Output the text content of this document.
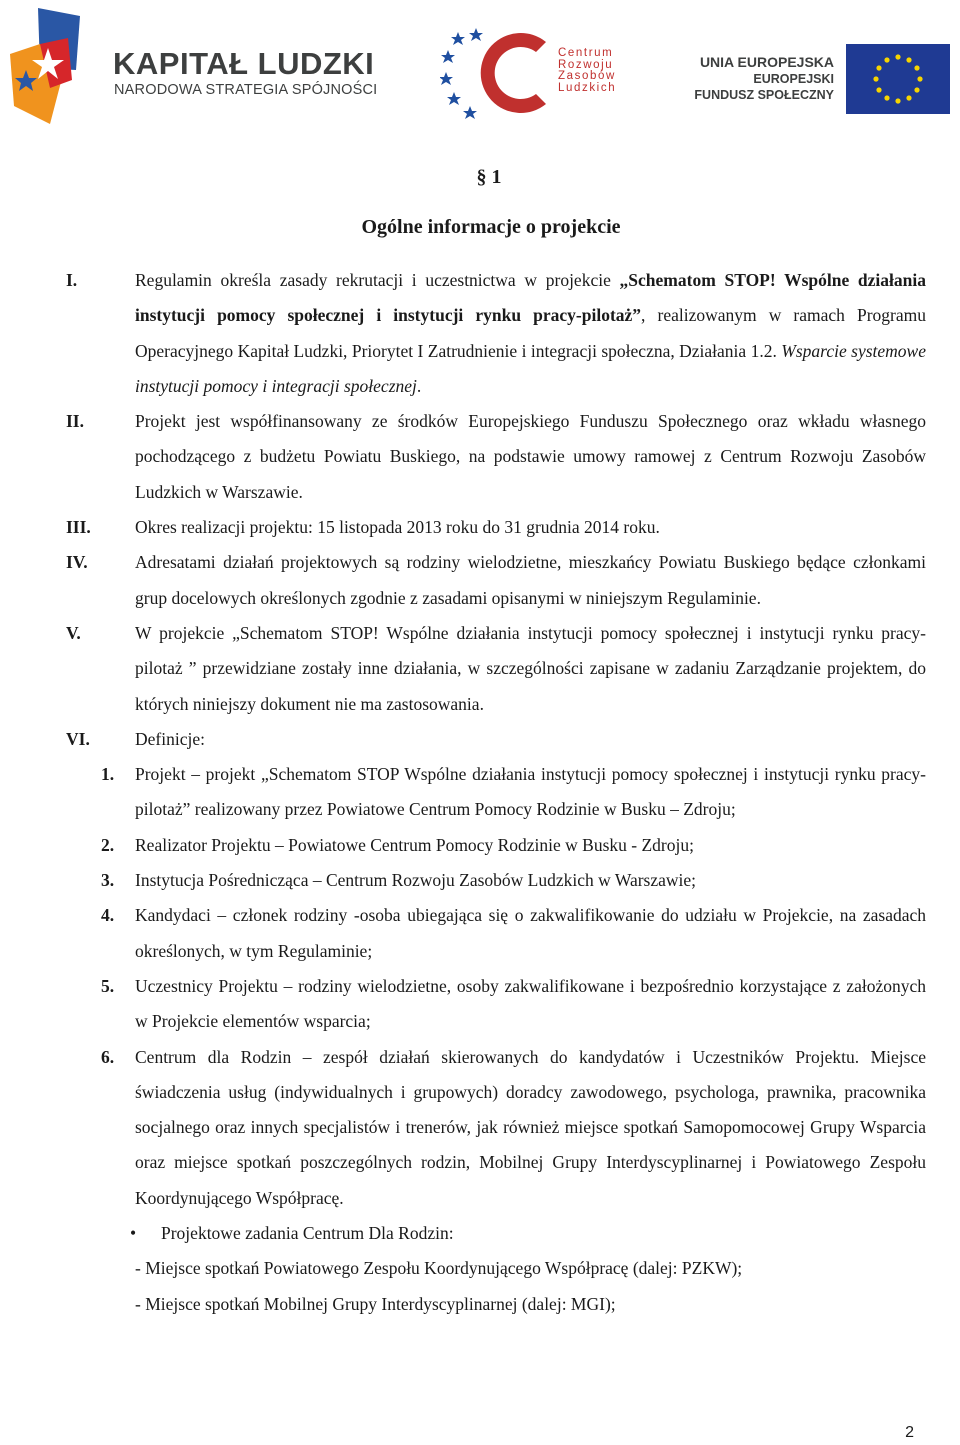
KAPITAŁ LUDZKI
NARODOWA STRATEGIA SPÓJNOŚCI
Centrum
Rozwoju
Zasobów
Ludzkich
UNIA EUROPEJSKA
EUROPEJSKI
FUNDUSZ SPOŁECZNY
§ 1
Ogólne informacje o projekcie
I.	Regulamin określa zasady rekrutacji i uczestnictwa w projekcie „Schematom STOP! Wspólne działania instytucji pomocy społecznej i instytucji rynku pracy-pilotaż”, realizowanym w ramach Programu Operacyjnego Kapitał Ludzki, Priorytet I Zatrudnienie i integracji społeczna, Działania 1.2. Wsparcie systemowe instytucji pomocy i integracji społecznej.
II.	Projekt jest współfinansowany ze środków Europejskiego Funduszu Społecznego oraz wkładu własnego pochodzącego z budżetu Powiatu Buskiego, na podstawie umowy ramowej z Centrum Rozwoju Zasobów Ludzkich w Warszawie.
III.	Okres realizacji projektu: 15 listopada 2013 roku do 31 grudnia 2014 roku.
IV.	Adresatami działań projektowych są rodziny wielodzietne, mieszkańcy Powiatu Buskiego będące członkami grup docelowych określonych zgodnie z zasadami opisanymi w niniejszym Regulaminie.
V.	W projekcie „Schematom STOP! Wspólne działania instytucji pomocy społecznej i instytucji rynku pracy-pilotaż ” przewidziane zostały inne działania, w szczególności zapisane w zadaniu Zarządzanie projektem, do których niniejszy dokument nie ma zastosowania.
VI.	Definicje:
1. Projekt – projekt „Schematom STOP Wspólne działania instytucji pomocy społecznej i instytucji rynku pracy-pilotaż” realizowany przez Powiatowe Centrum Pomocy Rodzinie w Busku – Zdroju;
2. Realizator Projektu – Powiatowe Centrum Pomocy Rodzinie w Busku - Zdroju;
3. Instytucja Pośrednicząca – Centrum Rozwoju Zasobów Ludzkich w Warszawie;
4. Kandydaci – członek rodziny -osoba ubiegająca się o zakwalifikowanie do udziału w Projekcie, na zasadach określonych, w tym Regulaminie;
5. Uczestnicy Projektu – rodziny wielodzietne, osoby zakwalifikowane i bezpośrednio korzystające z założonych w Projekcie elementów wsparcia;
6. Centrum dla Rodzin – zespół działań skierowanych do kandydatów i Uczestników Projektu. Miejsce świadczenia usług (indywidualnych i grupowych) doradcy zawodowego, psychologa, prawnika, pracownika socjalnego oraz innych specjalistów i trenerów, jak również miejsce spotkań Samopomocowej Grupy Wsparcia oraz miejsce spotkań poszczególnych rodzin, Mobilnej Grupy Interdyscyplinarnej i Powiatowego Zespołu Koordynującego Współpracę.
• Projektowe zadania Centrum Dla Rodzin:
- Miejsce spotkań Powiatowego Zespołu Koordynującego Współpracę (dalej: PZKW);
- Miejsce spotkań Mobilnej Grupy Interdyscyplinarnej (dalej: MGI);
2
